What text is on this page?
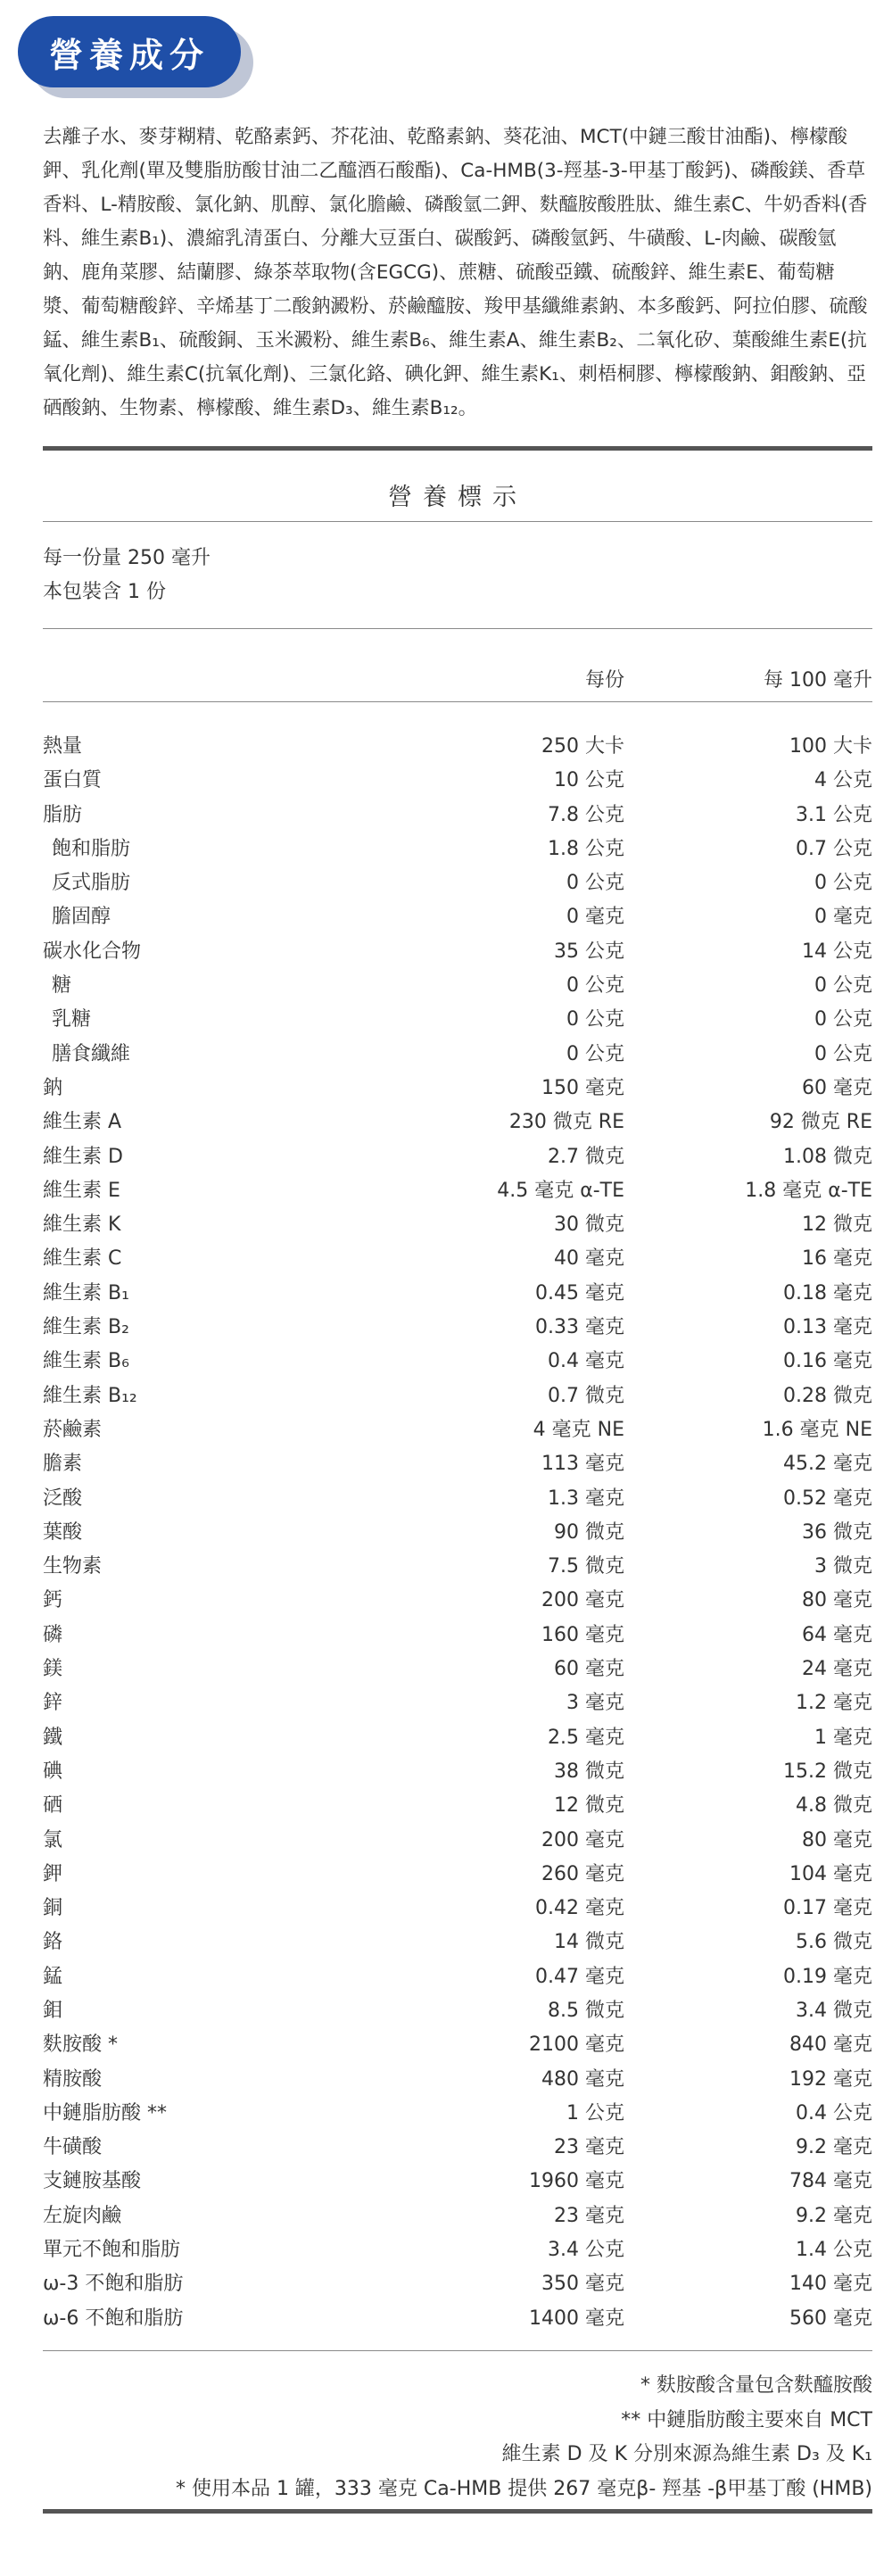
營養成分
去離子水、麥芽糊精、乾酪素鈣、芥花油、乾酪素鈉、葵花油、MCT(中鏈三酸甘油酯)、檸檬酸鉀、乳化劑(單及雙脂肪酸甘油二乙醯酒石酸酯)、Ca-HMB(3-羥基-3-甲基丁酸鈣)、磷酸鎂、香草香料、L-精胺酸、氯化鈉、肌醇、氯化膽鹼、磷酸氫二鉀、麩醯胺酸胜肽、維生素C、牛奶香料(香料、維生素B₁)、濃縮乳清蛋白、分離大豆蛋白、碳酸鈣、磷酸氫鈣、牛磺酸、L-肉鹼、碳酸氫鈉、鹿角菜膠、結蘭膠、綠茶萃取物(含EGCG)、蔗糖、硫酸亞鐵、硫酸鋅、維生素E、葡萄糖漿、葡萄糖酸鋅、辛烯基丁二酸鈉澱粉、菸鹼醯胺、羧甲基纖維素鈉、本多酸鈣、阿拉伯膠、硫酸錳、維生素B₁、硫酸銅、玉米澱粉、維生素B₆、維生素A、維生素B₂、二氧化矽、葉酸維生素E(抗氧化劑)、維生素C(抗氧化劑)、三氯化鉻、碘化鉀、維生素K₁、刺梧桐膠、檸檬酸鈉、鉬酸鈉、亞硒酸鈉、生物素、檸檬酸、維生素D₃、維生素B₁₂。
營養標示
每一份量 250 毫升
本包裝含 1 份
每份	每 100 毫升
熱量	250 大卡	100 大卡
蛋白質	10 公克	4 公克
脂肪	7.8 公克	3.1 公克
飽和脂肪	1.8 公克	0.7 公克
反式脂肪	0 公克	0 公克
膽固醇	0 毫克	0 毫克
碳水化合物	35 公克	14 公克
糖	0 公克	0 公克
乳糖	0 公克	0 公克
膳食纖維	0 公克	0 公克
鈉	150 毫克	60 毫克
維生素 A	230 微克 RE	92 微克 RE
維生素 D	2.7 微克	1.08 微克
維生素 E	4.5 毫克 α-TE	1.8 毫克 α-TE
維生素 K	30 微克	12 微克
維生素 C	40 毫克	16 毫克
維生素 B₁	0.45 毫克	0.18 毫克
維生素 B₂	0.33 毫克	0.13 毫克
維生素 B₆	0.4 毫克	0.16 毫克
維生素 B₁₂	0.7 微克	0.28 微克
菸鹼素	4 毫克 NE	1.6 毫克 NE
膽素	113 毫克	45.2 毫克
泛酸	1.3 毫克	0.52 毫克
葉酸	90 微克	36 微克
生物素	7.5 微克	3 微克
鈣	200 毫克	80 毫克
磷	160 毫克	64 毫克
鎂	60 毫克	24 毫克
鋅	3 毫克	1.2 毫克
鐵	2.5 毫克	1 毫克
碘	38 微克	15.2 微克
硒	12 微克	4.8 微克
氯	200 毫克	80 毫克
鉀	260 毫克	104 毫克
銅	0.42 毫克	0.17 毫克
鉻	14 微克	5.6 微克
錳	0.47 毫克	0.19 毫克
鉬	8.5 微克	3.4 微克
麩胺酸 *	2100 毫克	840 毫克
精胺酸	480 毫克	192 毫克
中鏈脂肪酸 **	1 公克	0.4 公克
牛磺酸	23 毫克	9.2 毫克
支鏈胺基酸	1960 毫克	784 毫克
左旋肉鹼	23 毫克	9.2 毫克
單元不飽和脂肪	3.4 公克	1.4 公克
ω-3 不飽和脂肪	350 毫克	140 毫克
ω-6 不飽和脂肪	1400 毫克	560 毫克
* 麩胺酸含量包含麩醯胺酸
** 中鏈脂肪酸主要來自 MCT
維生素 D 及 K 分別來源為維生素 D₃ 及 K₁
* 使用本品 1 罐，333 毫克 Ca-HMB 提供 267 毫克β- 羥基 -β甲基丁酸 (HMB)
